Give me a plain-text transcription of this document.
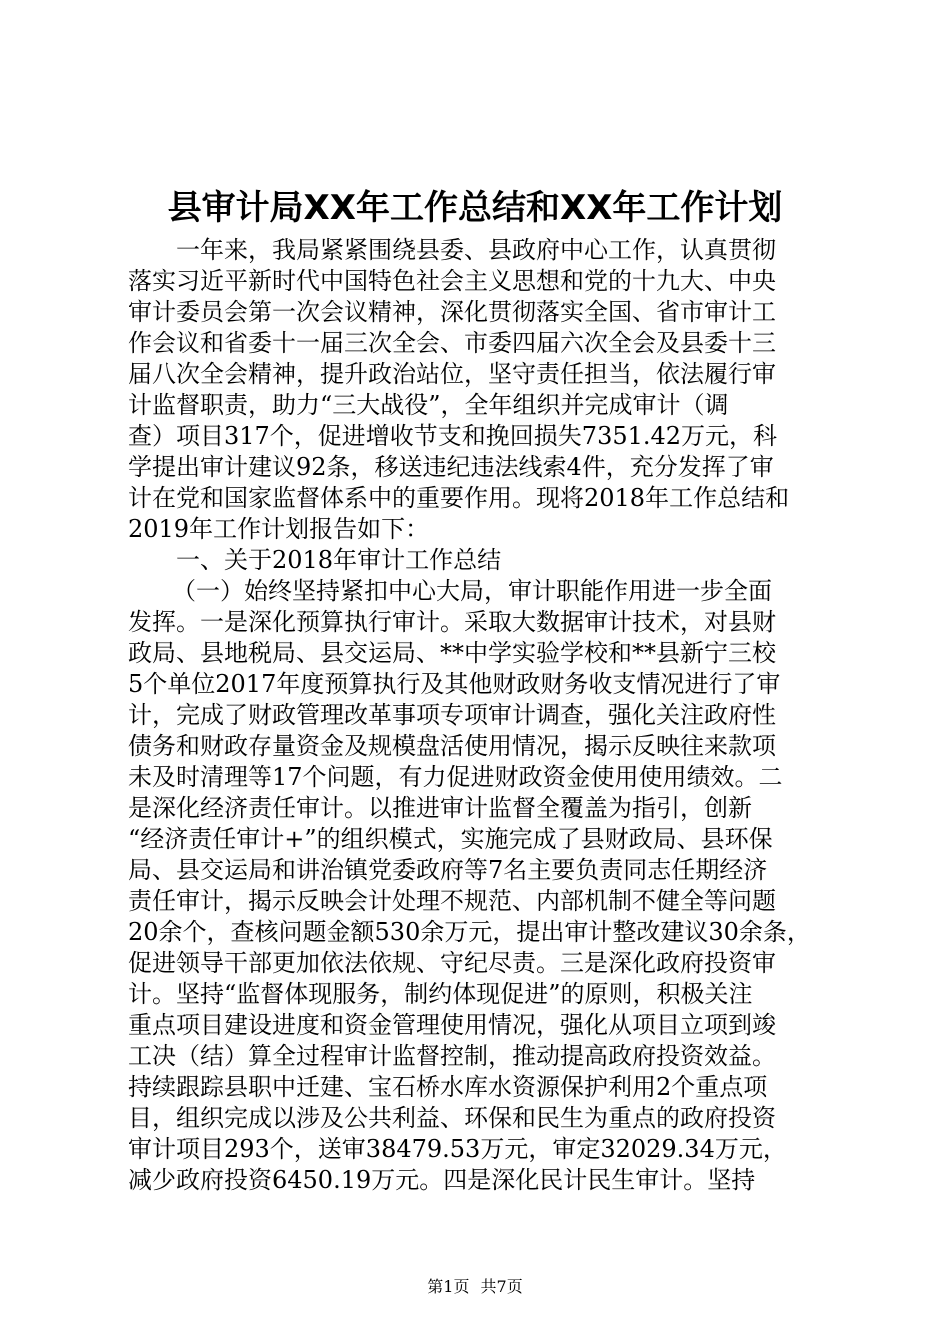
县审计局XX年工作总结和XX年工作计划
一年来，我局紧紧围绕县委、县政府中心工作，认真贯彻
落实习近平新时代中国特色社会主义思想和党的十九大、中央
审计委员会第一次会议精神，深化贯彻落实全国、省市审计工
作会议和省委十一届三次全会、市委四届六次全会及县委十三
届八次全会精神，提升政治站位，坚守责任担当，依法履行审
计监督职责，助力“三大战役”，全年组织并完成审计（调
查）项目317个，促进增收节支和挽回损失7351.42万元，科
学提出审计建议92条，移送违纪违法线索4件，充分发挥了审
计在党和国家监督体系中的重要作用。现将2018年工作总结和
2019年工作计划报告如下：
一、关于2018年审计工作总结
（一）始终坚持紧扣中心大局，审计职能作用进一步全面
发挥。一是深化预算执行审计。采取大数据审计技术，对县财
政局、县地税局、县交运局、**中学实验学校和**县新宁三校
5个单位2017年度预算执行及其他财政财务收支情况进行了审
计，完成了财政管理改革事项专项审计调查，强化关注政府性
债务和财政存量资金及规模盘活使用情况，揭示反映往来款项
未及时清理等17个问题，有力促进财政资金使用使用绩效。二
是深化经济责任审计。以推进审计监督全覆盖为指引，创新
“经济责任审计+”的组织模式，实施完成了县财政局、县环保
局、县交运局和讲治镇党委政府等7名主要负责同志任期经济
责任审计，揭示反映会计处理不规范、内部机制不健全等问题
20余个，查核问题金额530余万元，提出审计整改建议30余条，
促进领导干部更加依法依规、守纪尽责。三是深化政府投资审
计。坚持“监督体现服务，制约体现促进”的原则，积极关注
重点项目建设进度和资金管理使用情况，强化从项目立项到竣
工决（结）算全过程审计监督控制，推动提高政府投资效益。
持续跟踪县职中迁建、宝石桥水库水资源保护利用2个重点项
目，组织完成以涉及公共利益、环保和民生为重点的政府投资
审计项目293个，送审38479.53万元，审定32029.34万元，
减少政府投资6450.19万元。四是深化民计民生审计。坚持
第1页 共7页
